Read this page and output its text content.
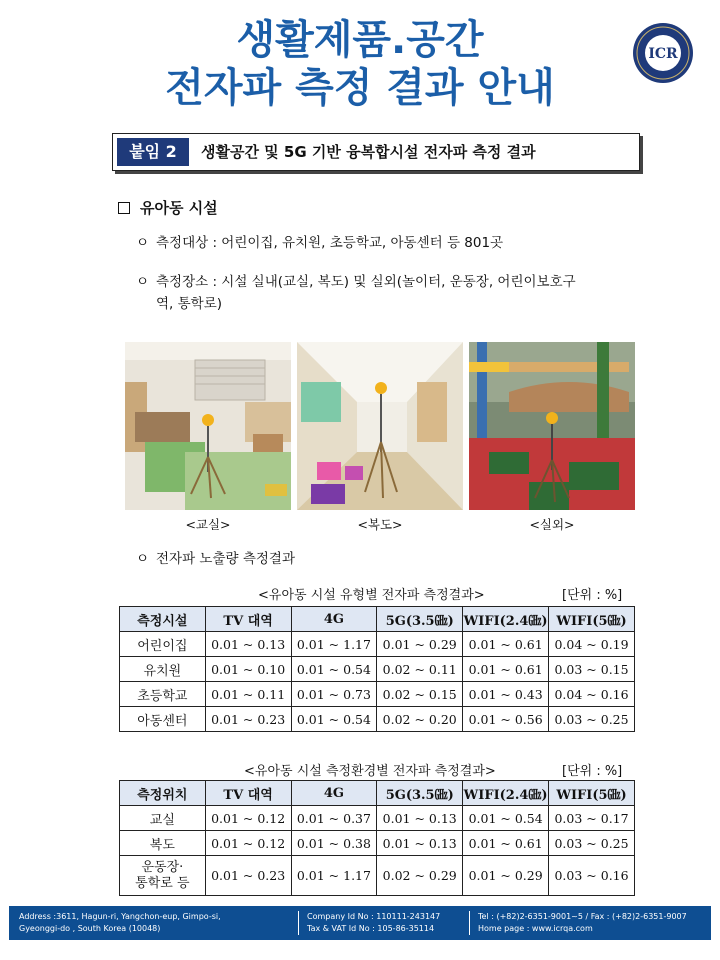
생활제품.공간
전자파 측정 결과 안내
ICR
붙임 2	생활공간 및 5G 기반 융복합시설 전자파 측정 결과
유아동 시설
ㅇ 측정대상 : 어린이집, 유치원, 초등학교, 아동센터 등 801곳
ㅇ 측정장소 : 시설 실내(교실, 복도) 및 실외(놀이터, 운동장, 어린이보호구
역, 통학로)
<교실>	<복도>	<실외>
ㅇ 전자파 노출량 측정결과
<유아동 시설 유형별 전자파 측정결과>	[단위 : %]
측정시설	TV 대역	4G	5G(3.5㎓)	WIFI(2.4㎓)	WIFI(5㎓)
어린이집	0.01 ~ 0.13	0.01 ~ 1.17	0.01 ~ 0.29	0.01 ~ 0.61	0.04 ~ 0.19
유치원	0.01 ~ 0.10	0.01 ~ 0.54	0.02 ~ 0.11	0.01 ~ 0.61	0.03 ~ 0.15
초등학교	0.01 ~ 0.11	0.01 ~ 0.73	0.02 ~ 0.15	0.01 ~ 0.43	0.04 ~ 0.16
아동센터	0.01 ~ 0.23	0.01 ~ 0.54	0.02 ~ 0.20	0.01 ~ 0.56	0.03 ~ 0.25
<유아동 시설 측정환경별 전자파 측정결과>	[단위 : %]
측정위치	TV 대역	4G	5G(3.5㎓)	WIFI(2.4㎓)	WIFI(5㎓)
교실	0.01 ~ 0.12	0.01 ~ 0.37	0.01 ~ 0.13	0.01 ~ 0.54	0.03 ~ 0.17
복도	0.01 ~ 0.12	0.01 ~ 0.38	0.01 ~ 0.13	0.01 ~ 0.61	0.03 ~ 0.25
운동장·
통학로 등	0.01 ~ 0.23	0.01 ~ 1.17	0.02 ~ 0.29	0.01 ~ 0.29	0.03 ~ 0.16
Address :3611, Hagun-ri, Yangchon-eup, Gimpo-si,
Gyeonggi-do , South Korea (10048)
Company Id No : 110111-243147
Tax & VAT Id No : 105-86-35114
Tel : (+82)2-6351-9001~5 / Fax : (+82)2-6351-9007
Home page : www.icrqa.com
